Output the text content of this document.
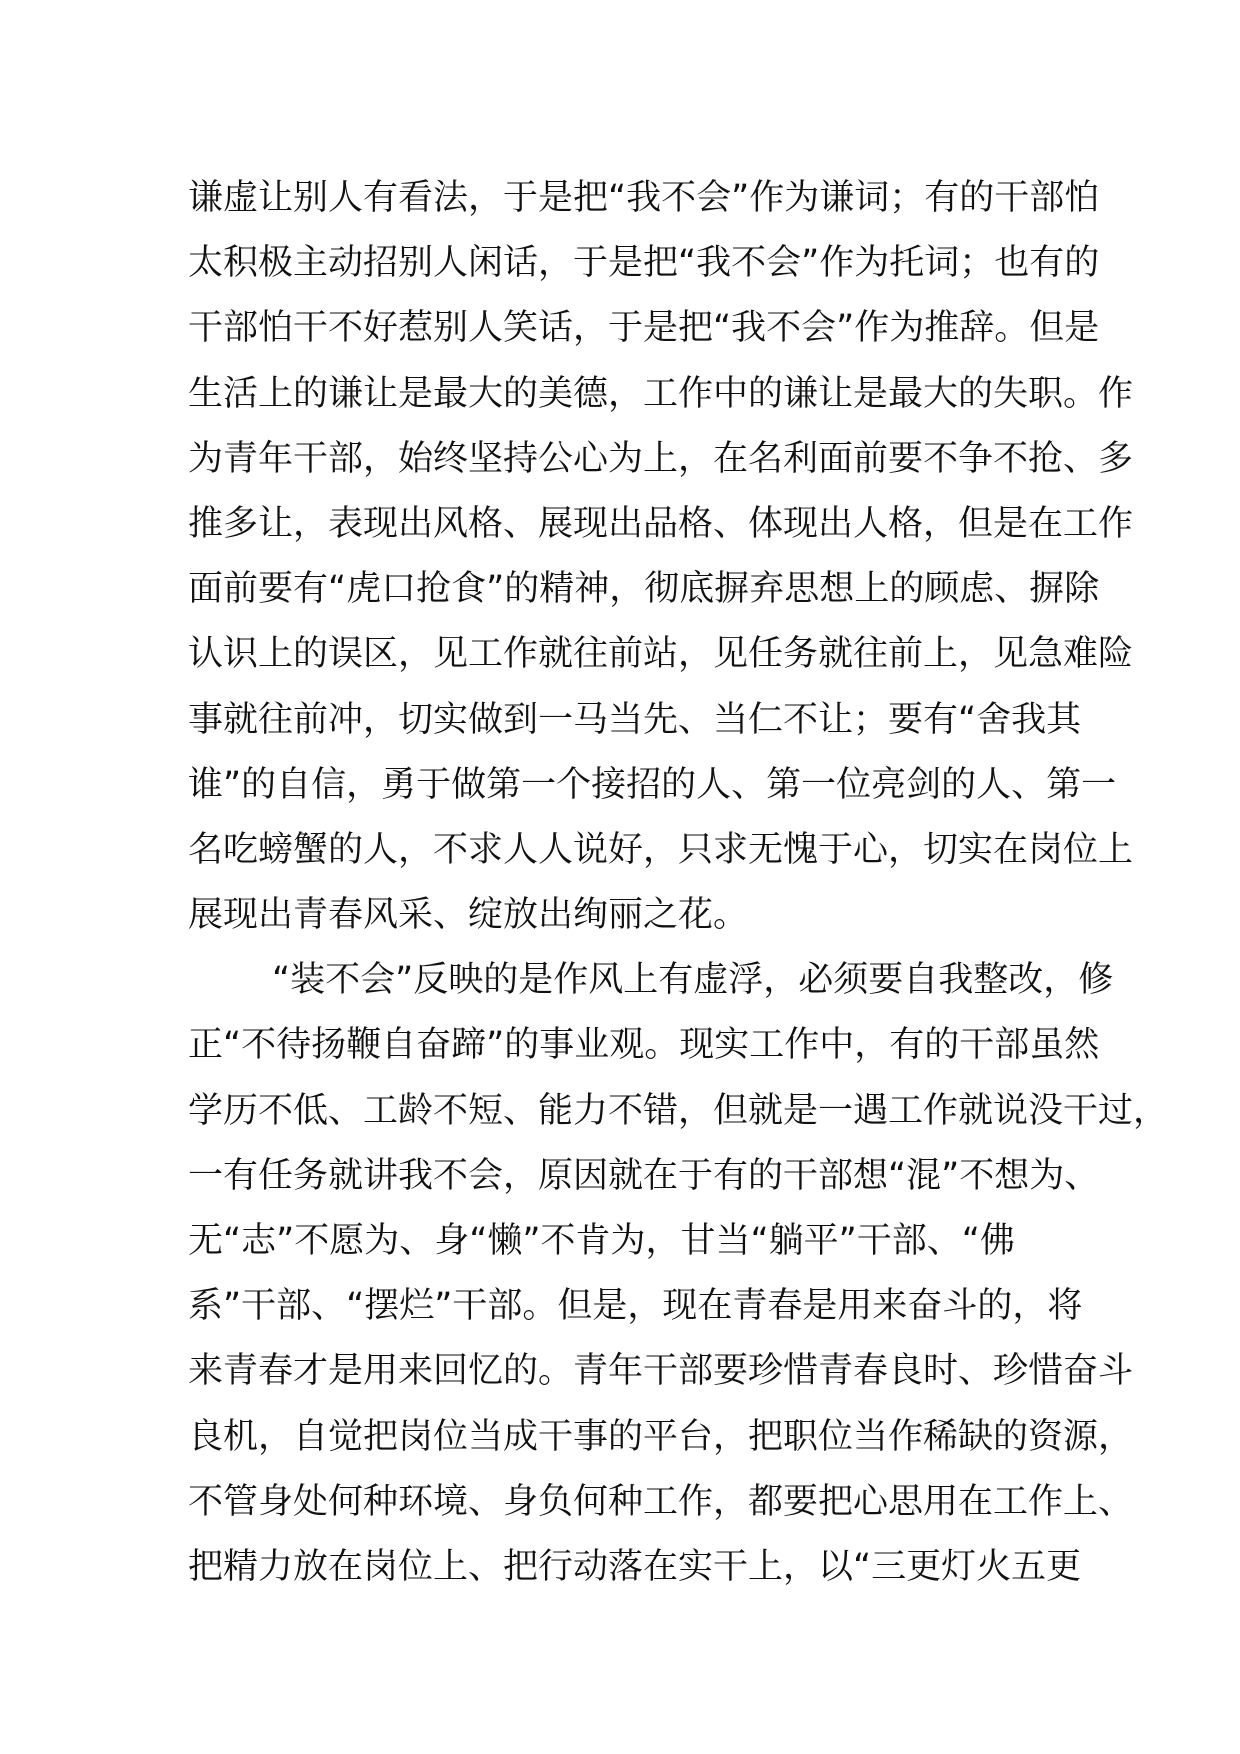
谦虚让别人有看法，于是把“我不会”作为谦词；有的干部怕
太积极主动招别人闲话，于是把“我不会”作为托词；也有的
干部怕干不好惹别人笑话，于是把“我不会”作为推辞。但是
生活上的谦让是最大的美德，工作中的谦让是最大的失职。作
为青年干部，始终坚持公心为上，在名利面前要不争不抢、多
推多让，表现出风格、展现出品格、体现出人格，但是在工作
面前要有“虎口抢食”的精神，彻底摒弃思想上的顾虑、摒除
认识上的误区，见工作就往前站，见任务就往前上，见急难险
事就往前冲，切实做到一马当先、当仁不让；要有“舍我其
谁”的自信，勇于做第一个接招的人、第一位亮剑的人、第一
名吃螃蟹的人，不求人人说好，只求无愧于心，切实在岗位上
展现出青春风采、绽放出绚丽之花。
“装不会”反映的是作风上有虚浮，必须要自我整改，修
正“不待扬鞭自奋蹄”的事业观。现实工作中，有的干部虽然
学历不低、工龄不短、能力不错，但就是一遇工作就说没干过，
一有任务就讲我不会，原因就在于有的干部想“混”不想为、
无“志”不愿为、身“懒”不肯为，甘当“躺平”干部、“佛
系”干部、“摆烂”干部。但是，现在青春是用来奋斗的，将
来青春才是用来回忆的。青年干部要珍惜青春良时、珍惜奋斗
良机，自觉把岗位当成干事的平台，把职位当作稀缺的资源，
不管身处何种环境、身负何种工作，都要把心思用在工作上、
把精力放在岗位上、把行动落在实干上，以“三更灯火五更
